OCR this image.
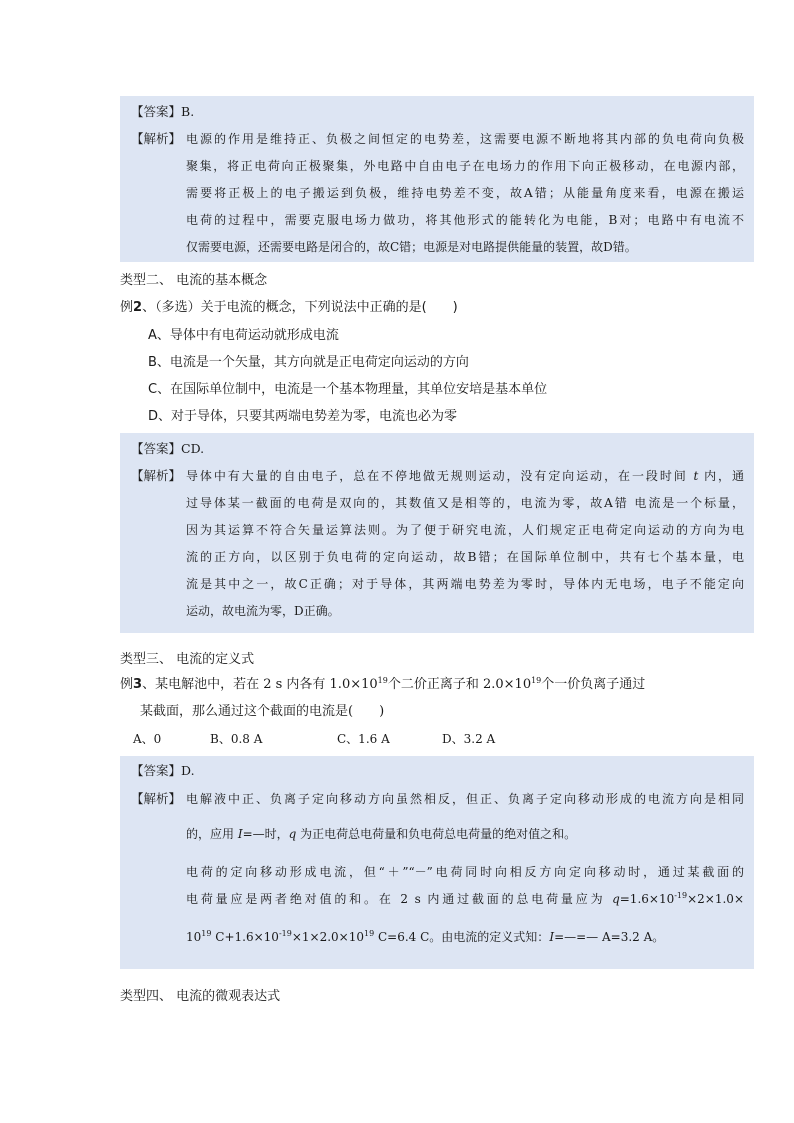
【答案】B.
【解析】 电源的作用是维持正、负极之间恒定的电势差，这需要电源不断地将其内部的负电荷向负极
聚集，将正电荷向正极聚集，外电路中自由电子在电场力的作用下向正极移动，在电源内部，
需要将正极上的电子搬运到负极，维持电势差不变，故A错；从能量角度来看，电源在搬运
电荷的过程中，需要克服电场力做功，将其他形式的能转化为电能，B对；电路中有电流不
仅需要电源，还需要电路是闭合的，故C错；电源是对电路提供能量的装置，故D错。
类型二、 电流的基本概念
例2、（多选）关于电流的概念，下列说法中正确的是(　　)
A、导体中有电荷运动就形成电流
B、电流是一个矢量，其方向就是正电荷定向运动的方向
C、在国际单位制中，电流是一个基本物理量，其单位安培是基本单位
D、对于导体，只要其两端电势差为零，电流也必为零
【答案】CD.
【解析】 导体中有大量的自由电子，总在不停地做无规则运动，没有定向运动，在一段时间 t 内，通
过导体某一截面的电荷是双向的，其数值又是相等的，电流为零，故A错 电流是一个标量，
因为其运算不符合矢量运算法则。为了便于研究电流，人们规定正电荷定向运动的方向为电
流的正方向，以区别于负电荷的定向运动，故B错；在国际单位制中，共有七个基本量，电
流是其中之一，故C正确；对于导体，其两端电势差为零时，导体内无电场，电子不能定向
运动，故电流为零，D正确。
类型三、 电流的定义式
例3、某电解池中，若在 2 s 内各有 $1.0\times 10^{19}$个二价正离子和 $2.0\times 10^{19}$个一价负离子通过
某截面，那么通过这个截面的电流是(　　)
A、0	B、0.8 A	C、1.6 A	D、3.2 A
【答案】D.
【解析】 电解液中正、负离子定向移动方向虽然相反，但正、负离子定向移动形成的电流方向是相同
的，应用 I=—时，q 为正电荷总电荷量和负电荷总电荷量的绝对值之和。
电荷的定向移动形成电流，但“＋”“－”电荷同时向相反方向定向移动时，通过某截面的
电荷量应是两者绝对值的和。在 2 s 内通过截面的总电荷量应为 $q=1.6\times 10^{-19}\times 2\times 1.0\times$
$10^{19}$ $C+1.6\times 10^{-19}\times 1\times 2.0\times 10^{19}$ C=6.4 C。由电流的定义式知：I=—=— A=3.2 A。
类型四、 电流的微观表达式
